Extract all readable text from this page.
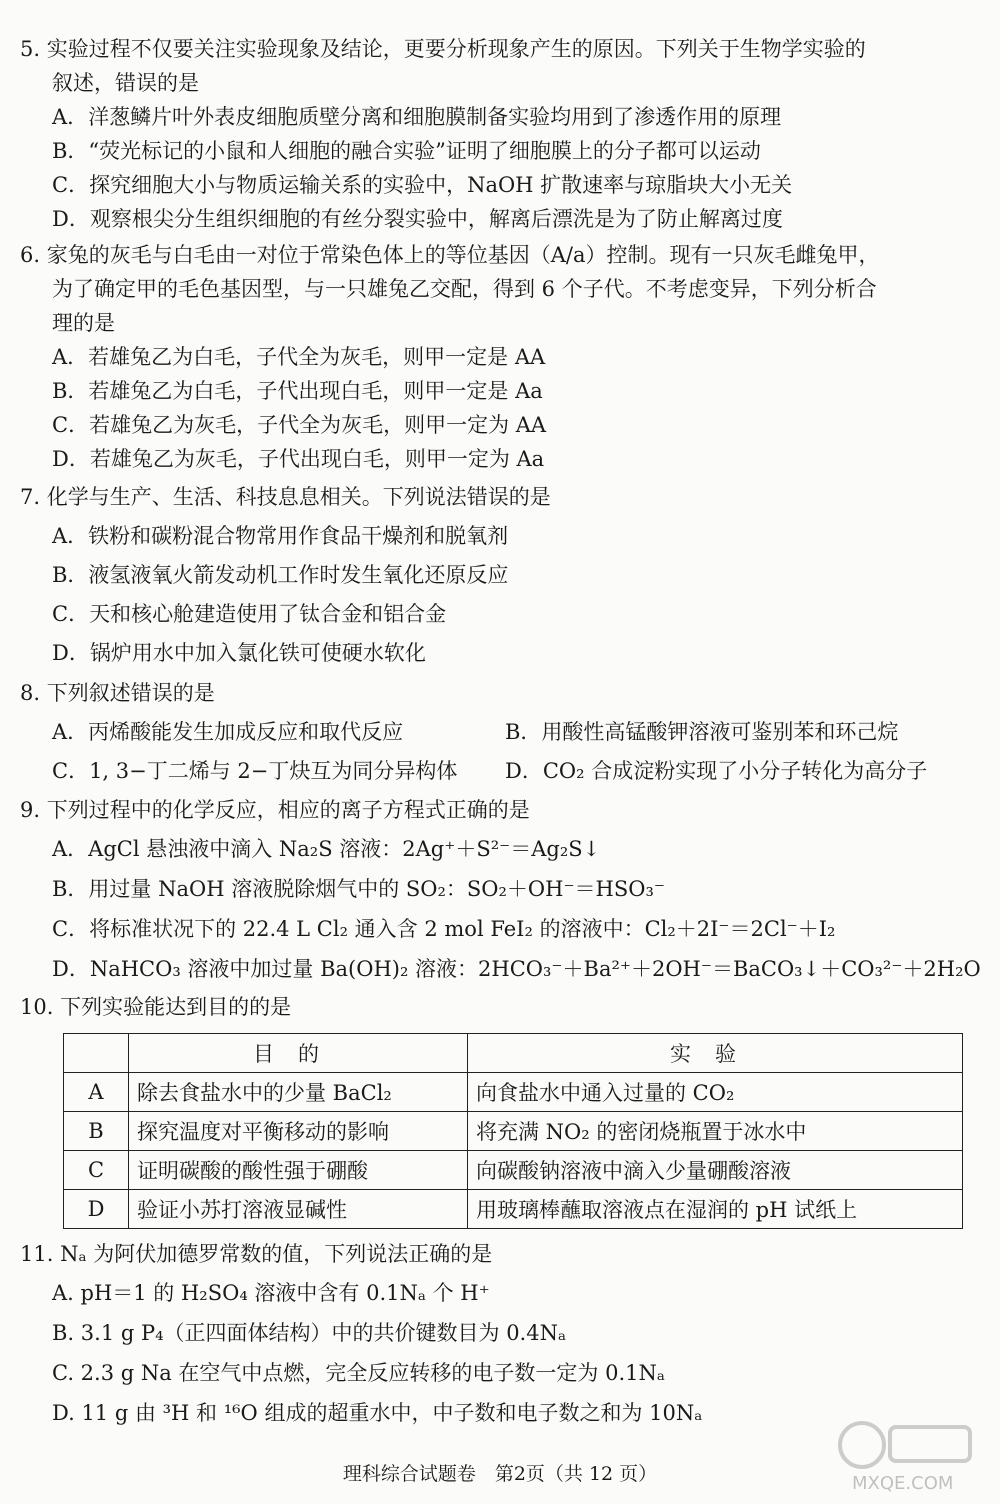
5. 实验过程不仅要关注实验现象及结论，更要分析现象产生的原因。下列关于生物学实验的
叙述，错误的是
A．洋葱鳞片叶外表皮细胞质壁分离和细胞膜制备实验均用到了渗透作用的原理
B．“荧光标记的小鼠和人细胞的融合实验”证明了细胞膜上的分子都可以运动
C．探究细胞大小与物质运输关系的实验中，NaOH 扩散速率与琼脂块大小无关
D．观察根尖分生组织细胞的有丝分裂实验中，解离后漂洗是为了防止解离过度
6. 家兔的灰毛与白毛由一对位于常染色体上的等位基因（A/a）控制。现有一只灰毛雌兔甲，
为了确定甲的毛色基因型，与一只雄兔乙交配，得到 6 个子代。不考虑变异，下列分析合
理的是
A．若雄兔乙为白毛，子代全为灰毛，则甲一定是 AA
B．若雄兔乙为白毛，子代出现白毛，则甲一定是 Aa
C．若雄兔乙为灰毛，子代全为灰毛，则甲一定为 AA
D．若雄兔乙为灰毛，子代出现白毛，则甲一定为 Aa
7. 化学与生产、生活、科技息息相关。下列说法错误的是
A．铁粉和碳粉混合物常用作食品干燥剂和脱氧剂
B．液氢液氧火箭发动机工作时发生氧化还原反应
C．天和核心舱建造使用了钛合金和铝合金
D．锅炉用水中加入氯化铁可使硬水软化
8. 下列叙述错误的是
A．丙烯酸能发生加成反应和取代反应	B．用酸性高锰酸钾溶液可鉴别苯和环己烷
C．1, 3−丁二烯与 2−丁炔互为同分异构体 D．CO₂ 合成淀粉实现了小分子转化为高分子
9. 下列过程中的化学反应，相应的离子方程式正确的是
A．AgCl 悬浊液中滴入 Na₂S 溶液：2Ag⁺＋S²⁻＝Ag₂S↓
B．用过量 NaOH 溶液脱除烟气中的 SO₂：SO₂＋OH⁻＝HSO₃⁻
C．将标准状况下的 22.4 L Cl₂ 通入含 2 mol FeI₂ 的溶液中：Cl₂＋2I⁻＝2Cl⁻＋I₂
D．NaHCO₃ 溶液中加过量 Ba(OH)₂ 溶液：2HCO₃⁻＋Ba²⁺＋2OH⁻＝BaCO₃↓＋CO₃²⁻＋2H₂O
10. 下列实验能达到目的的是
	目的	实验
A	除去食盐水中的少量 BaCl₂	向食盐水中通入过量的 CO₂
B	探究温度对平衡移动的影响	将充满 NO₂ 的密闭烧瓶置于冰水中
C	证明碳酸的酸性强于硼酸	向碳酸钠溶液中滴入少量硼酸溶液
D	验证小苏打溶液显碱性	用玻璃棒蘸取溶液点在湿润的 pH 试纸上
11. Nₐ 为阿伏加德罗常数的值，下列说法正确的是
A. pH＝1 的 H₂SO₄ 溶液中含有 0.1Nₐ 个 H⁺
B. 3.1 g P₄（正四面体结构）中的共价键数目为 0.4Nₐ
C. 2.3 g Na 在空气中点燃，完全反应转移的电子数一定为 0.1Nₐ
D. 11 g 由 ³H 和 ¹⁶O 组成的超重水中，中子数和电子数之和为 10Nₐ
理科综合试题卷　第2页（共 12 页）	MXQE.COM
